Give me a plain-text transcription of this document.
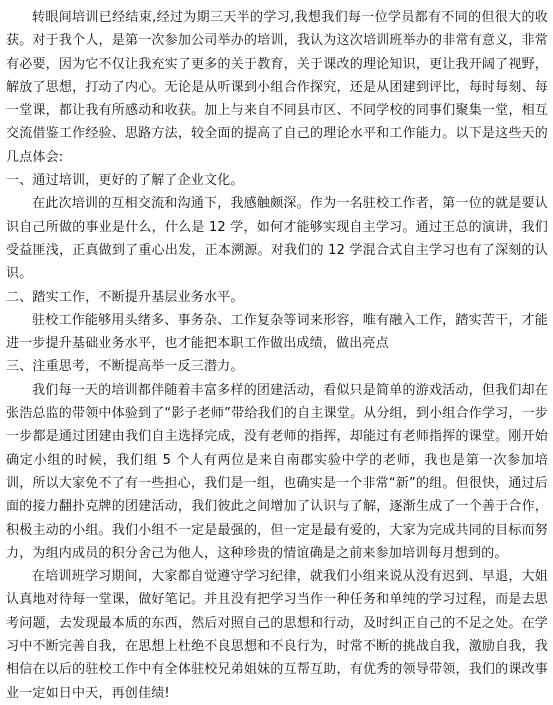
转眼间培训已经结束,经过为期三天半的学习,我想我们每一位学员都有不同的但很大的收获。对于我个人，是第一次参加公司举办的培训，我认为这次培训班举办的非常有意义，非常有必要，因为它不仅让我充实了更多的关于教育，关于课改的理论知识，更让我开阔了视野，解放了思想，打动了内心。无论是从听课到小组合作探究，还是从团建到评比，每时每刻、每一堂课，都让我有所感动和收获。加上与来自不同县市区、不同学校的同事们聚集一堂，相互交流借鉴工作经验、思路方法，较全面的提高了自己的理论水平和工作能力。以下是这些天的几点体会:

一、通过培训，更好的了解了企业文化。

在此次培训的互相交流和沟通下，我感触颇深。作为一名驻校工作者，第一位的就是要认识自己所做的事业是什么，什么是 12 学，如何才能够实现自主学习。通过王总的演讲，我们受益匪浅，正真做到了重心出发，正本溯源。对我们的 12 学混合式自主学习也有了深刻的认识。

二、踏实工作，不断提升基层业务水平。

驻校工作能够用头绪多、事务杂、工作复杂等词来形容，唯有融入工作，踏实苦干，才能进一步提升基础业务水平，也才能把本职工作做出成绩，做出亮点

三、注重思考，不断提高举一反三潜力。

我们每一天的培训都伴随着丰富多样的团建活动，看似只是简单的游戏活动，但我们却在张浩总监的带领中体验到了“影子老师”带给我们的自主课堂。从分组，到小组合作学习，一步一步都是通过团建由我们自主选择完成，没有老师的指挥，却能过有老师指挥的课堂。刚开始确定小组的时候，我们组 5 个人有两位是来自南郡实验中学的老师，我也是第一次参加培训，所以大家免不了有一些担心，我们是一组，也确实是一个非常“新”的组。但很快，通过后面的接力翻扑克牌的团建活动，我们彼此之间增加了认识与了解，逐渐生成了一个善于合作，积极主动的小组。我们小组不一定是最强的，但一定是最有爱的，大家为完成共同的目标而努力，为组内成员的积分舍己为他人，这种珍贵的情谊确是之前来参加培训每月想到的。

在培训班学习期间，大家都自觉遵守学习纪律，就我们小组来说从没有迟到、早退，大姐认真地对待每一堂课，做好笔记。并且没有把学习当作一种任务和单纯的学习过程，而是去思考问题，去发现最本质的东西，然后对照自己的思想和行动，及时纠正自己的不足之处。在学习中不断完善自我，在思想上杜绝不良思想和不良行为，时常不断的挑战自我，激励自我，我相信在以后的驻校工作中有全体驻校兄弟姐妹的互帮互助，有优秀的领导带领，我们的课改事业一定如日中天，再创佳绩!
